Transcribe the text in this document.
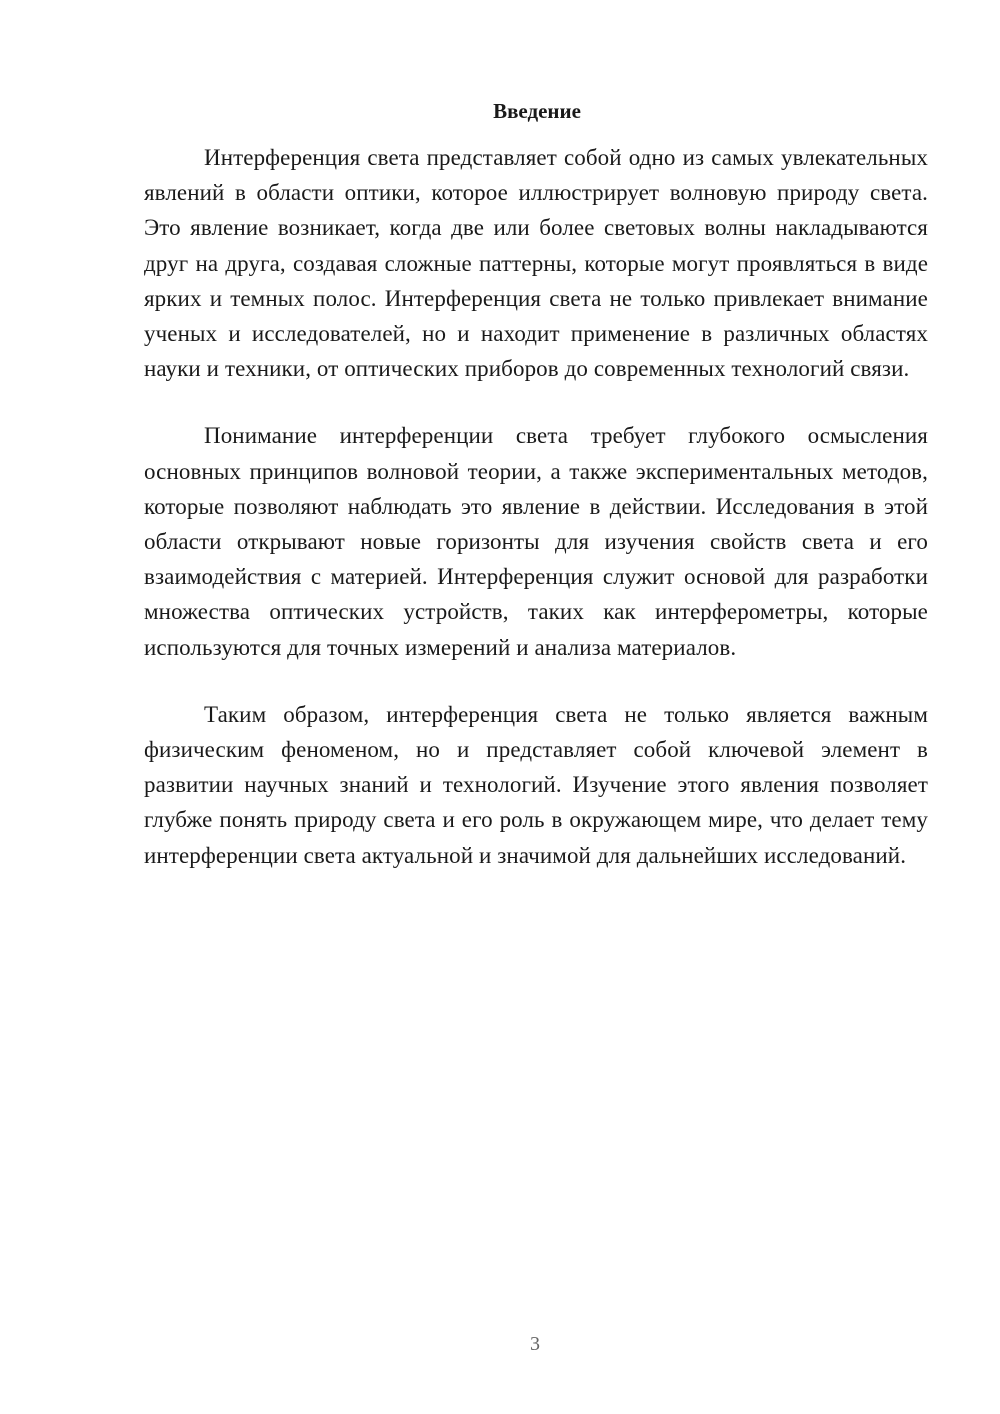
Введение

Интерференция света представляет собой одно из самых увлекательных явлений в области оптики, которое иллюстрирует волновую природу света. Это явление возникает, когда две или более световых волны накладываются друг на друга, создавая сложные паттерны, которые могут проявляться в виде ярких и темных полос. Интерференция света не только привлекает внимание ученых и исследователей, но и находит применение в различных областях науки и техники, от оптических приборов до современных технологий связи.

Понимание интерференции света требует глубокого осмысления основных принципов волновой теории, а также экспериментальных методов, которые позволяют наблюдать это явление в действии. Исследования в этой области открывают новые горизонты для изучения свойств света и его взаимодействия с материей. Интерференция служит основой для разработки множества оптических устройств, таких как интерферометры, которые используются для точных измерений и анализа материалов.

Таким образом, интерференция света не только является важным физическим феноменом, но и представляет собой ключевой элемент в развитии научных знаний и технологий. Изучение этого явления позволяет глубже понять природу света и его роль в окружающем мире, что делает тему интерференции света актуальной и значимой для дальнейших исследований.

3
